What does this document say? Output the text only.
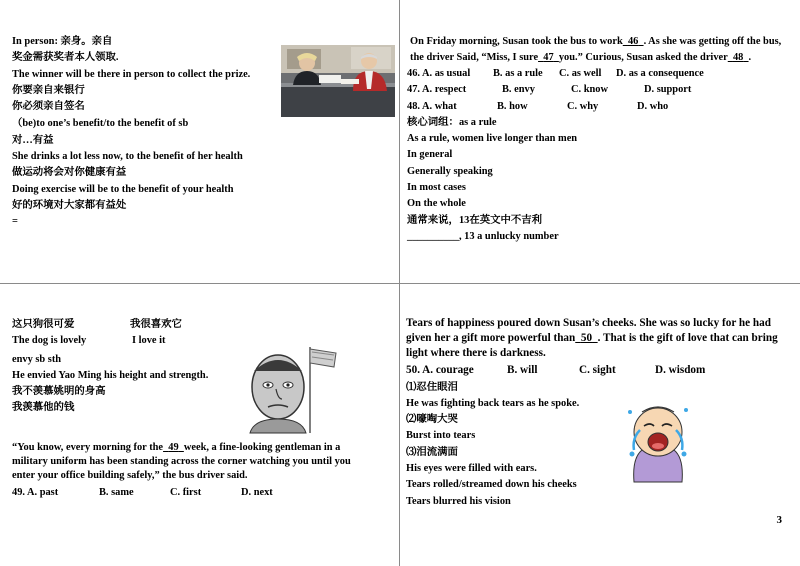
In person: 亲身。亲自
奖金需获奖者本人领取.
The winner will be there in person to collect the prize.
你要亲自来银行
你必须亲自签名
（be)to one’s benefit/to the benefit of sb
对…有益
She drinks a lot less now, to the benefit of her health
做运动将会对你健康有益
Doing exercise will be to the benefit of your health
好的环境对大家都有益处
=
On Friday morning, Susan took the bus to work 46 . As she was getting off the bus, the driver Said, “Miss, I sure 47 you.” Curious, Susan asked the driver 48 .
46. A. as usual	B. as a rule	C. as well	D. as a consequence
47. A. respect	B. envy	C. know	D. support
48. A. what	B. how	C. why	D. who
核心词组：as a rule
As a rule, women live longer than men
In general
Generally speaking
In most cases
On the whole
通常来说，13在英文中不吉利
__________, 13 a unlucky number
这只狗很可爱	我很喜欢它
The dog is lovely	I love it
envy sb sth
He envied Yao Ming his height and strength.
我不羡慕姚明的身高
我羡慕他的钱
“You know, every morning for the 49 week, a fine-looking gentleman in a military uniform has been standing across the corner watching you until you enter your office building safely,” the bus driver said.
49. A. past	B. same	C. first	D. next
Tears of happiness poured down Susan’s cheeks. She was so lucky for he had given her a gift more powerful than 50 . That is the gift of love that can bring light where there is darkness.
50. A. courage	B. will	C. sight	D. wisdom
⑴忍住眼泪
He was fighting back tears as he spoke.
⑵嚎啕大哭
Burst into tears
⑶泪流满面
His eyes were filled with ears.
Tears rolled/streamed down his cheeks
Tears blurred his vision
3
